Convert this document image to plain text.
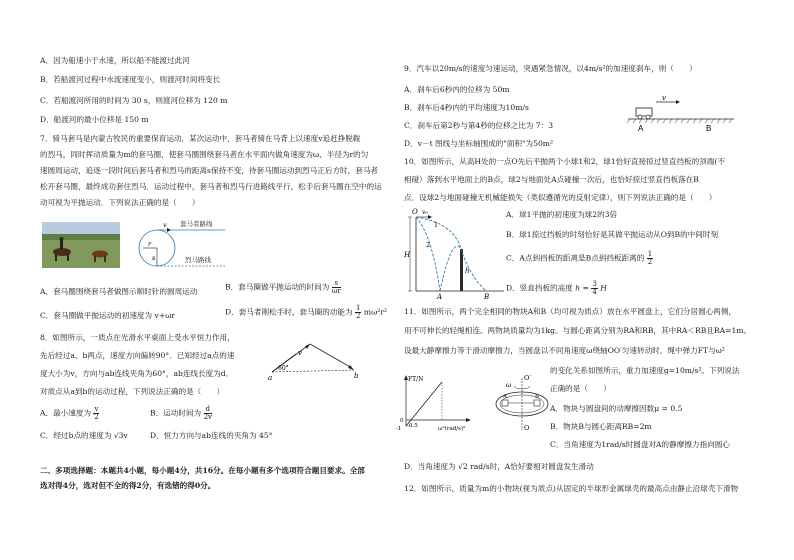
A．因为船速小于水速，所以船不能渡过此河
B．若船渡河过程中水流速度变小，则渡河时间将变长
C．若船渡河所用的时间为 30 s，则渡河位移为 120 m
D．船渡河的最小位移是 150 m
7．骑马套马是内蒙古牧民的重要保育运动．某次运动中，套马者骑在马背上以速度v追赶挣脱鞍
的烈马，同时挥动质量为m的套马圈，使套马圈围绕套马者在水平面内做角速度为ω、半径为r的匀
速圆周运动，追逐一段时间后套马者和烈马的距离s保持不变，待套马圈运动到烈马正后方时，套马者
松开套马圈，最终成功套住烈马．运动过程中，套马者和烈马行进路线平行，松手后套马圈在空中的运
动可视为平抛运动．下列说法正确的是（　　）
套马者路线
烈马路线
v
s
r
A．套马圈围绕套马者做图示顺时针的圆周运动	B．套马圈做平抛运动的时间为 $\frac{s}{\omega r}$
C．套马圈做平抛运动的初速度为 v+ωr	D．套马者刚松手时，套马圈的动能为 $\frac{1}{2} m\omega^2r^2$
8．如图所示，一质点在光滑水平桌面上受水平恒力作用，
先后经过a、b两点，速度方向偏转90°．已知经过a点的速
度大小为v，方向与ab连线夹角为60°，ab连线长度为d．
对质点从a到b的运动过程，下列说法正确的是（　　）
v
a	b
60°
A．最小速度为 $\frac{v}{2}$	B．运动时间为 $\frac{d}{2v}$
C．经过b点的速度为 √3v	D．恒力方向与ab连线的夹角为 45°
二、多项选择题：本题共4小题，每小题4分，共16分。在每小题有多个选项符合题目要求。全部
选对得4分，选对但不全的得2分，有选错的得0分。
9．汽车以20m/s的速度匀速运动，突遇紧急情况，以4m/s²的加速度刹车，则（　　）
A．刹车后6秒内的位移为 50m
B．刹车后4秒内的平均速度为10m/s
C．刹车后第2秒与第4秒的位移之比为 7：3
D．v－t 图线与坐标轴围成的"面积"为50m²
v
A	B
10．如图所示，从高H处的一点O先后平抛两个小球1和2，球1恰好直接掠过竖直挡板的顶端(不
相碰）落到水平地面上的B点，球2与地面处A点碰撞一次后，也恰好掠过竖直挡板落在B
点．设球2与地面碰撞无机械能损失（类似遵循光的反射定律），则下列说法正确的是（　　）
O v₀
H
h
1
2
A	B
A．球1平抛的初速度为球2的3倍
B．球1掠过挡板的时刻恰好是其做平抛运动从O到B的中间时刻
C．A点到挡板的距离是B点到挡板距离的 $\frac{1}{2}$
D．竖直挡板的高度 $h = \frac{3}{4}$ H
11．如图所示，两个完全相同的物块A和B（均可视为质点）放在水平圆盘上，它们分居圆心两侧，
用不可伸长的轻绳相连。两物块质量均为1kg。与圆心距离分别为RA和RB，其中RA＜RB且RA=1m。
设最大静摩擦力等于滑动摩擦力，当圆盘以不同角速度ω绕轴OO′匀速转动时，绳中弹力FT与ω²
的变化关系如图所示，重力加速度g=10m/s²。下列说法
正确的是（　　）
FT/N
ω²(rad/s)²
0
0.5
-1
O′
O
A	B
ω
A．物块与圆盘间的动摩擦因数μ = 0.5
B．物块B与圆心距离RB=2m
C．当角速度为1rad/s时圆盘对A的静摩擦力指向圆心
D．当角速度为 √2 rad/s时，A恰好要相对圆盘发生滑动
12．如图所示，质量为m的小物块(视为质点)从固定的半球形金属球壳的最高点由静止沿球壳下滑物
